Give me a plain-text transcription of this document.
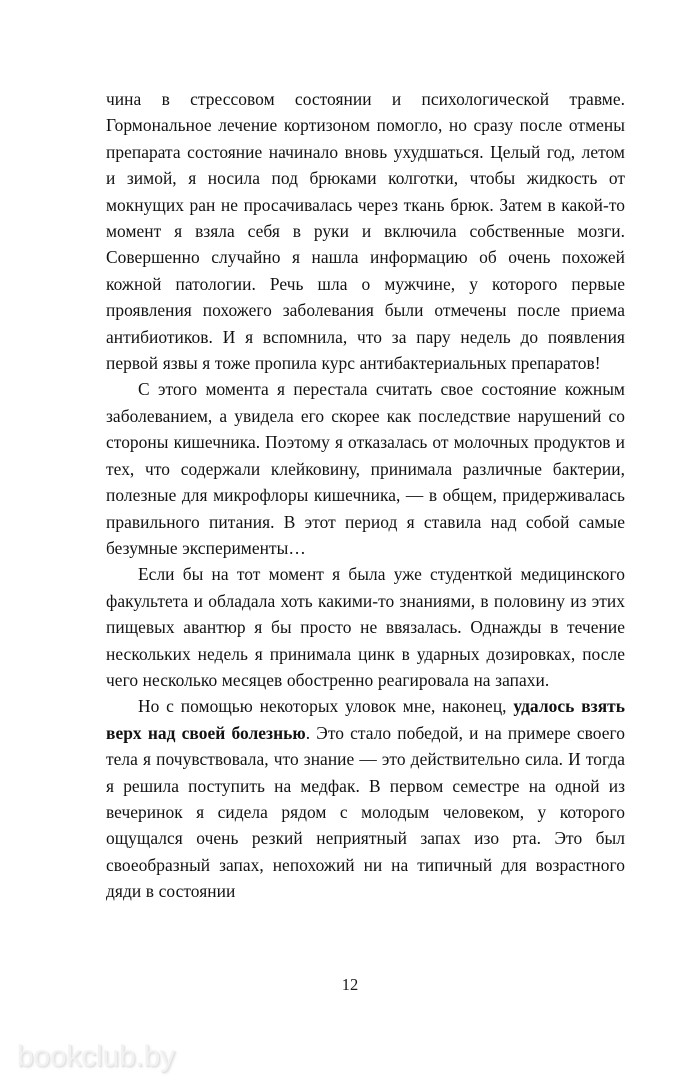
чина в стрессовом состоянии и психологической травме. Гормональное лечение кортизоном помогло, но сразу после отмены препарата состояние начинало вновь ухудшаться. Целый год, летом и зимой, я носила под брюками колготки, чтобы жидкость от мокнущих ран не просачивалась через ткань брюк. Затем в какой-то момент я взяла себя в руки и включила собственные мозги. Совершенно случайно я нашла информацию об очень похожей кожной патологии. Речь шла о мужчине, у которого первые проявления похожего заболевания были отмечены после приема антибиотиков. И я вспомнила, что за пару недель до появления первой язвы я тоже пропила курс антибактериальных препаратов!

С этого момента я перестала считать свое состояние кожным заболеванием, а увидела его скорее как последствие нарушений со стороны кишечника. Поэтому я отказалась от молочных продуктов и тех, что содержали клейковину, принимала различные бактерии, полезные для микрофлоры кишечника, — в общем, придерживалась правильного питания. В этот период я ставила над собой самые безумные эксперименты…

Если бы на тот момент я была уже студенткой медицинского факультета и обладала хоть какими-то знаниями, в половину из этих пищевых авантюр я бы просто не ввязалась. Однажды в течение нескольких недель я принимала цинк в ударных дозировках, после чего несколько месяцев обостренно реагировала на запахи.

Но с помощью некоторых уловок мне, наконец, удалось взять верх над своей болезнью. Это стало победой, и на примере своего тела я почувствовала, что знание — это действительно сила. И тогда я решила поступить на медфак. В первом семестре на одной из вечеринок я сидела рядом с молодым человеком, у которого ощущался очень резкий неприятный запах изо рта. Это был своеобразный запах, непохожий ни на типичный для возрастного дяди в состоянии

12
bookclub.by
